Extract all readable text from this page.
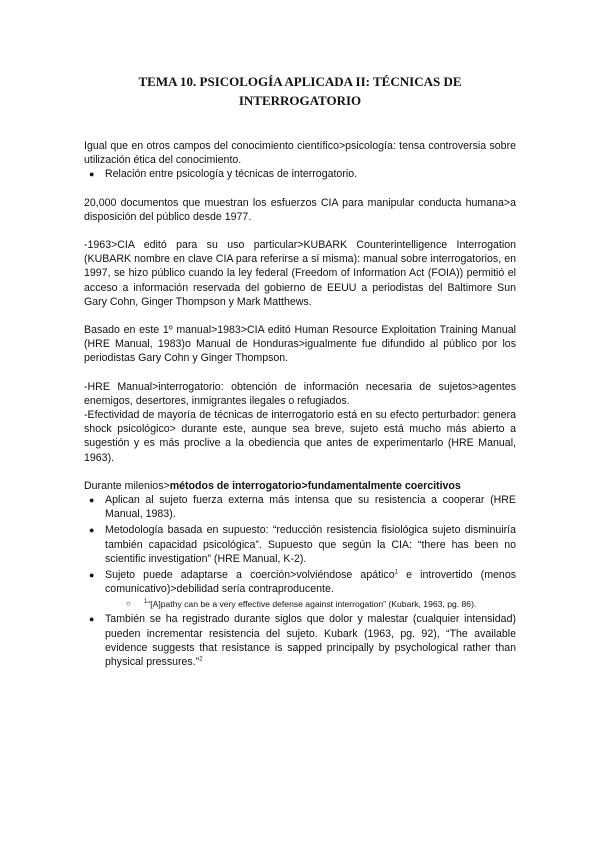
TEMA 10. PSICOLOGÍA APLICADA II: TÉCNICAS DE
INTERROGATORIO

Igual que en otros campos del conocimiento científico>psicología: tensa controversia sobre utilización ética del conocimiento.

● Relación entre psicología y técnicas de interrogatorio.

20,000 documentos que muestran los esfuerzos CIA para manipular conducta humana>a disposición del público desde 1977.

-1963>CIA editó para su uso particular>KUBARK Counterintelligence Interrogation (KUBARK nombre en clave CIA para referirse a sí misma): manual sobre interrogatorios, en 1997, se hizo público cuando la ley federal (Freedom of Information Act (FOIA)) permitió el acceso a información reservada del gobierno de EEUU a periodistas del Baltimore Sun Gary Cohn, Ginger Thompson y Mark Matthews.

Basado en este 1º manual>1983>CIA editó Human Resource Exploitation Training Manual (HRE Manual, 1983)o Manual de Honduras>igualmente fue difundido al público por los periodistas Gary Cohn y Ginger Thompson.

-HRE Manual>interrogatorio: obtención de información necesaria de sujetos>agentes enemigos, desertores, inmigrantes ilegales o refugiados.

-Efectividad de mayoría de técnicas de interrogatorio está en su efecto perturbador: genera shock psicológico> durante este, aunque sea breve, sujeto está mucho más abierto a sugestión y es más proclive a la obediencia que antes de experimentarlo (HRE Manual, 1963).

Durante milenios>métodos de interrogatorio>fundamentalmente coercitivos

● Aplican al sujeto fuerza externa más intensa que su resistencia a cooperar (HRE Manual, 1983).
● Metodología basada en supuesto: “reducción resistencia fisiológica sujeto disminuiría también capacidad psicológica”. Supuesto que según la CIA: “there has been no scientific investigation” (HRE Manual, K-2).
● Sujeto puede adaptarse a coerción>volviéndose apático$^1$ e introvertido (menos comunicativo)>debilidad sería contraproducente.
○ $^1$“[A]pathy can be a very effective defense against interrogation” (Kubark, 1963, pg. 86).
● También se ha registrado durante siglos que dolor y malestar (cualquier intensidad) pueden incrementar resistencia del sujeto. Kubark (1963, pg. 92), “The available evidence suggests that resistance is sapped principally by psychological rather than physical pressures.”$^2$
